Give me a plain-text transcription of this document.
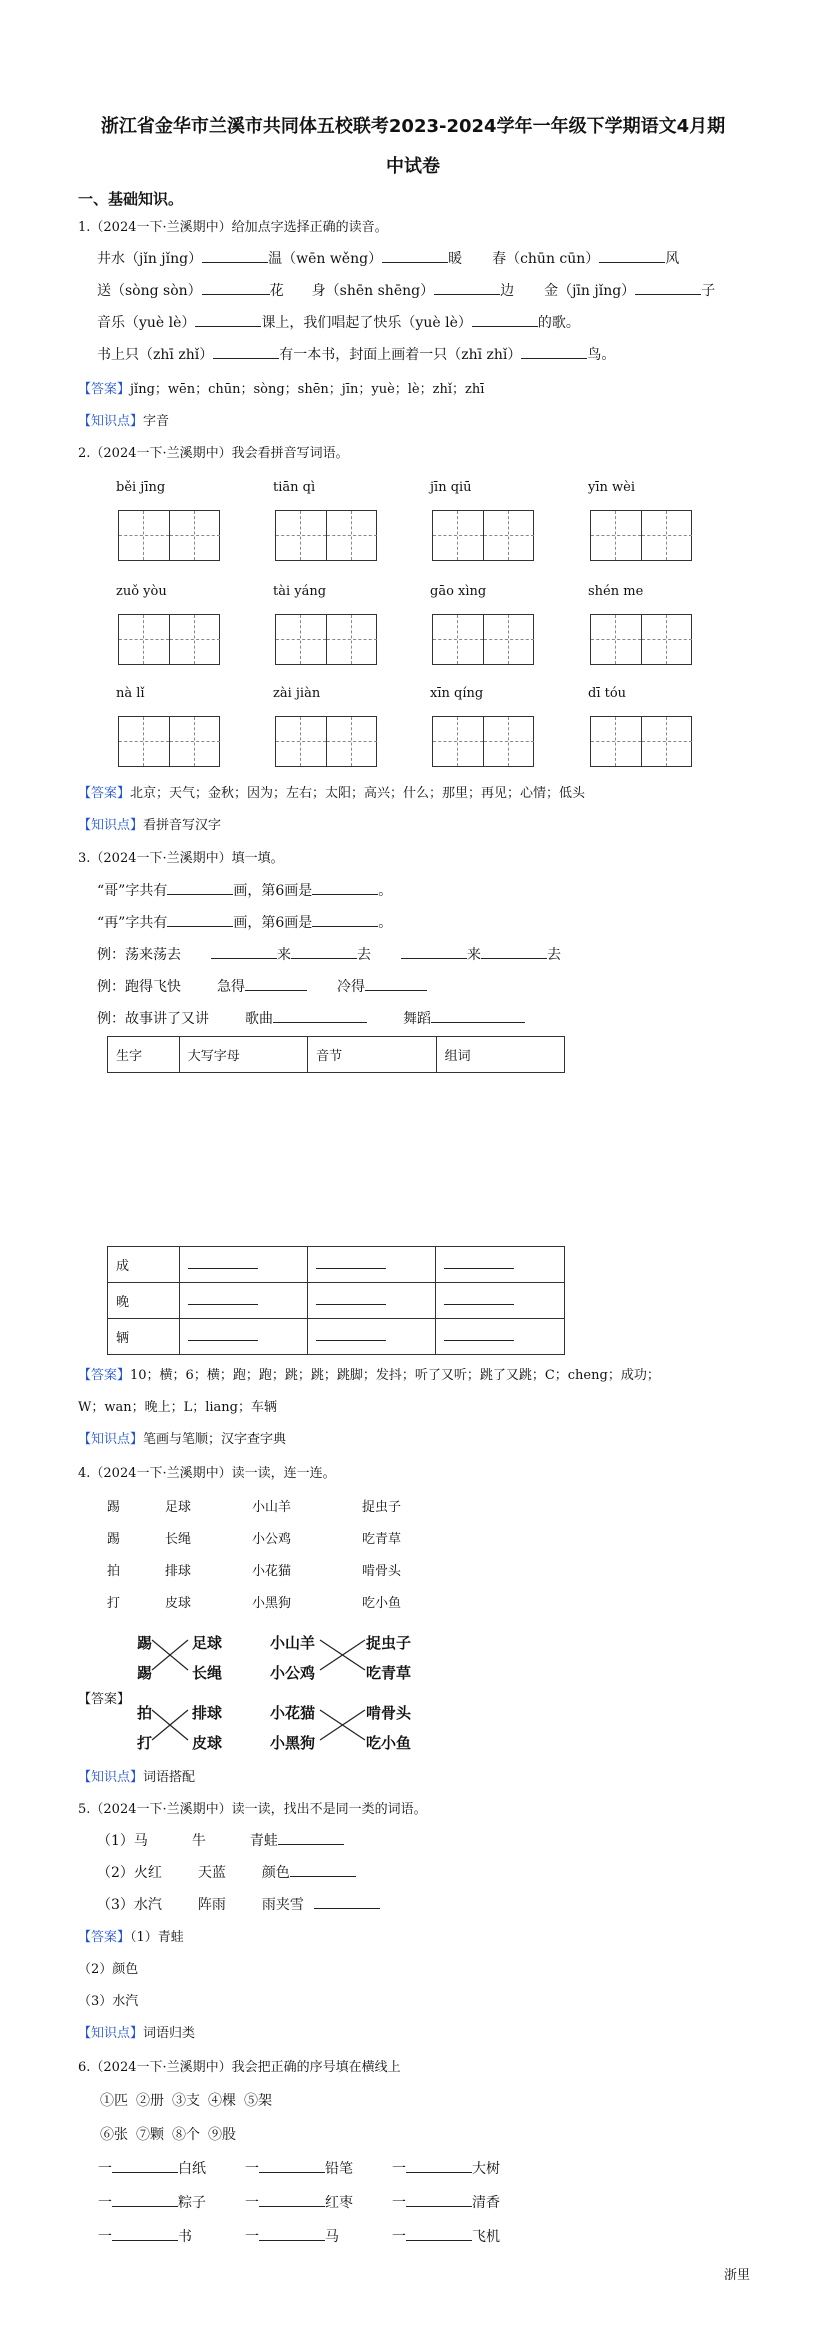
浙江省金华市兰溪市共同体五校联考2023-2024学年一年级下学期语文4月期
中试卷
一、基础知识。
1.（2024一下·兰溪期中）给加点字选择正确的读音。
井水（jǐn jǐng）	温（wēn wěng）	暖 春（chūn cūn）	风
送（sòng sòn）	花 身（shēn shēng）	边 金（jīn jǐng）	子
音乐（yuè lè）	课上，我们唱起了快乐（yuè lè）	的歌。
书上只（zhī zhǐ）	有一本书，封面上画着一只（zhī zhǐ）	鸟。
【答案】jǐng；wēn；chūn；sòng；shēn；jīn；yuè；lè；zhǐ；zhī
【知识点】字音
2.（2024一下·兰溪期中）我会看拼音写词语。
běi jīng	tiān qì	jīn qiū	yīn wèi
zuǒ yòu	tài yáng	gāo xìng	shén me
nà lǐ	zài jiàn	xīn qíng	dī tóu
【答案】北京；天气；金秋；因为；左右；太阳；高兴；什么；那里；再见；心情；低头
【知识点】看拼音写汉字
3.（2024一下·兰溪期中）填一填。
“哥”字共有	画，第6画是	。
“再”字共有	画，第6画是	。
例：荡来荡去	来	去	来	去
例：跑得飞快	急得	冷得
例：故事讲了又讲	歌曲	舞蹈
生字	大写字母	音节	组词
成			
晚			
辆			
【答案】10；横；6；横；跑；跑；跳；跳；跳脚；发抖；听了又听；跳了又跳；C；cheng；成功；
W；wan；晚上；L；liang；车辆
【知识点】笔画与笔顺；汉字查字典
4.（2024一下·兰溪期中）读一读，连一连。
踢	足球	小山羊	捉虫子
踢	长绳	小公鸡	吃青草
拍	排球	小花猫	啃骨头
打	皮球	小黑狗	吃小鱼
【答案】
踢	足球	小山羊	捉虫子
踢	长绳	小公鸡	吃青草
拍	排球	小花猫	啃骨头
打	皮球	小黑狗	吃小鱼
【知识点】词语搭配
5.（2024一下·兰溪期中）读一读，找出不是同一类的词语。
（1）马	牛	青蛙
（2）火红	天蓝	颜色
（3）水汽	阵雨	雨夹雪
【答案】（1）青蛙
（2）颜色
（3）水汽
【知识点】词语归类
6.（2024一下·兰溪期中）我会把正确的序号填在横线上
①匹 ②册 ③支 ④棵 ⑤架
⑥张 ⑦颗 ⑧个 ⑨股
一	白纸	一	铅笔	一	大树
一	粽子	一	红枣	一	清香
一	书	一	马	一	飞机
浙里
